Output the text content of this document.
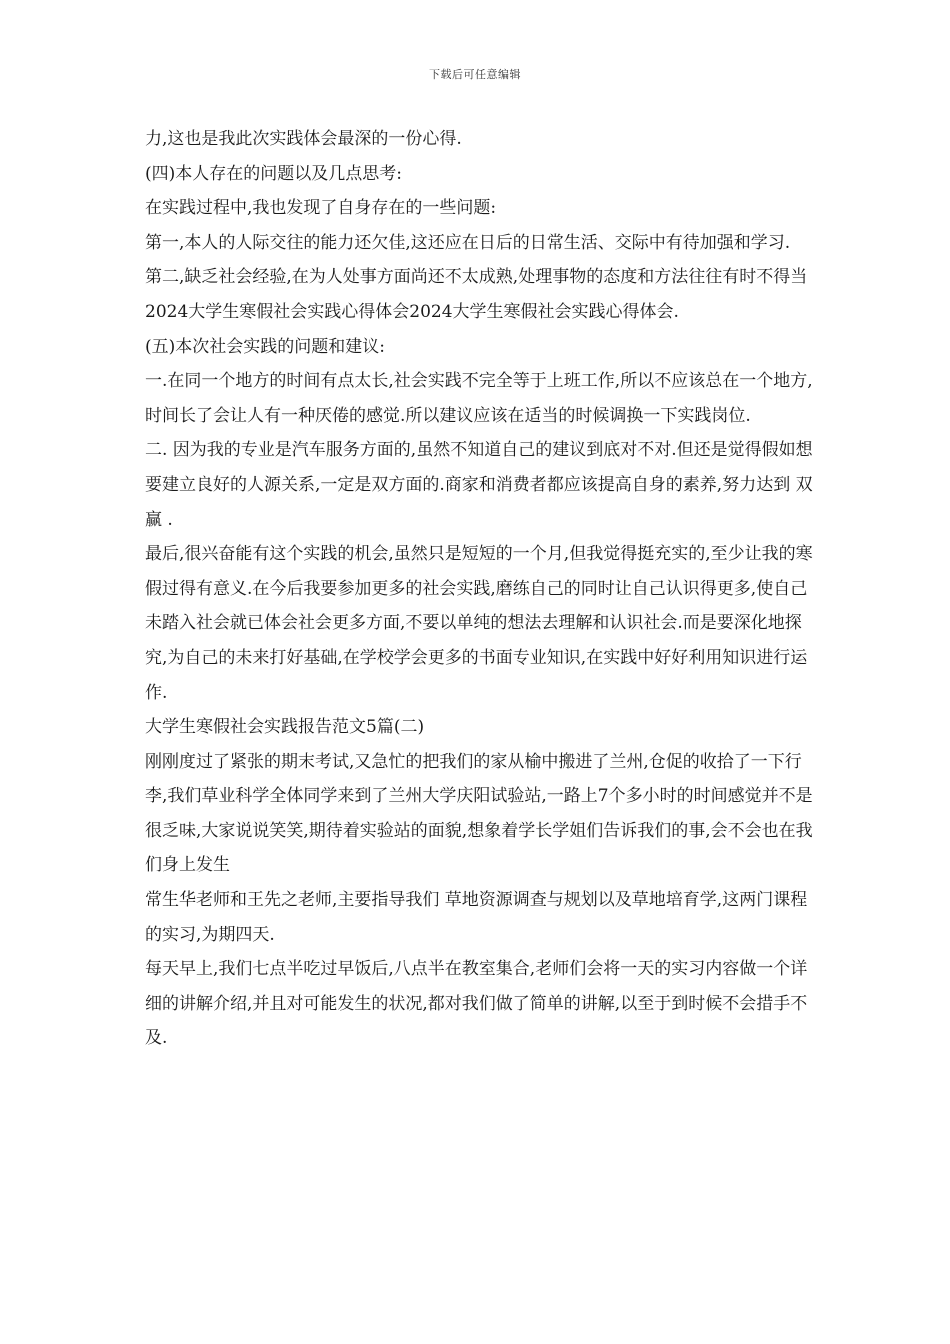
下载后可任意编辑

力,这也是我此次实践体会最深的一份心得.

(四)本人存在的问题以及几点思考:

在实践过程中,我也发现了自身存在的一些问题:

第一,本人的人际交往的能力还欠佳,这还应在日后的日常生活、交际中有待加强和学习.

第二,缺乏社会经验,在为人处事方面尚还不太成熟,处理事物的态度和方法往往有时不得当2024大学生寒假社会实践心得体会2024大学生寒假社会实践心得体会.

(五)本次社会实践的问题和建议:

一.在同一个地方的时间有点太长,社会实践不完全等于上班工作,所以不应该总在一个地方,时间长了会让人有一种厌倦的感觉.所以建议应该在适当的时候调换一下实践岗位.

二. 因为我的专业是汽车服务方面的,虽然不知道自己的建议到底对不对.但还是觉得假如想要建立良好的人源关系,一定是双方面的.商家和消费者都应该提高自身的素养,努力达到 双赢 .

最后,很兴奋能有这个实践的机会,虽然只是短短的一个月,但我觉得挺充实的,至少让我的寒假过得有意义.在今后我要参加更多的社会实践,磨练自己的同时让自己认识得更多,使自己未踏入社会就已体会社会更多方面,不要以单纯的想法去理解和认识社会.而是要深化地探究,为自己的未来打好基础,在学校学会更多的书面专业知识,在实践中好好利用知识进行运作.

大学生寒假社会实践报告范文5篇(二)

刚刚度过了紧张的期末考试,又急忙的把我们的家从榆中搬进了兰州,仓促的收拾了一下行李,我们草业科学全体同学来到了兰州大学庆阳试验站,一路上7个多小时的时间感觉并不是很乏味,大家说说笑笑,期待着实验站的面貌,想象着学长学姐们告诉我们的事,会不会也在我们身上发生

常生华老师和王先之老师,主要指导我们 草地资源调查与规划以及草地培育学,这两门课程的实习,为期四天.

每天早上,我们七点半吃过早饭后,八点半在教室集合,老师们会将一天的实习内容做一个详细的讲解介绍,并且对可能发生的状况,都对我们做了简单的讲解,以至于到时候不会措手不及.
